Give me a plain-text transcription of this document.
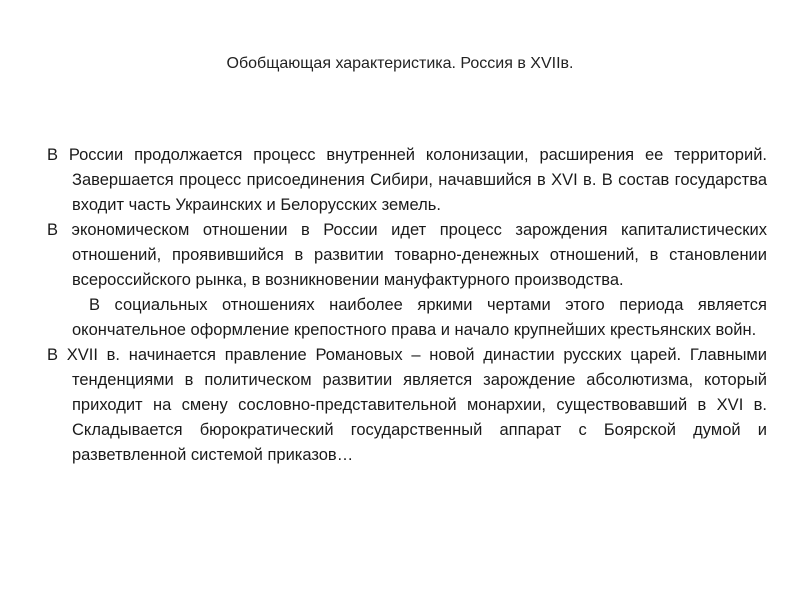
Обобщающая характеристика. Россия в XVIIв.

В России продолжается процесс внутренней колонизации, расширения ее территорий. Завершается процесс присоединения Сибири, начавшийся в XVI в. В состав государства входит часть Украинских и Белорусских земель.

В экономическом отношении в России идет процесс зарождения капиталистических отношений, проявившийся в развитии товарно-денежных отношений, в становлении всероссийского рынка, в возникновении мануфактурного производства.

В социальных отношениях наиболее яркими чертами этого периода является окончательное оформление крепостного права и начало крупнейших крестьянских войн.

В XVII в. начинается правление Романовых – новой династии русских царей. Главными тенденциями в политическом развитии является зарождение абсолютизма, который приходит на смену сословно-представительной монархии, существовавший в XVI в. Складывается бюрократический государственный аппарат с Боярской думой и разветвленной системой приказов…
